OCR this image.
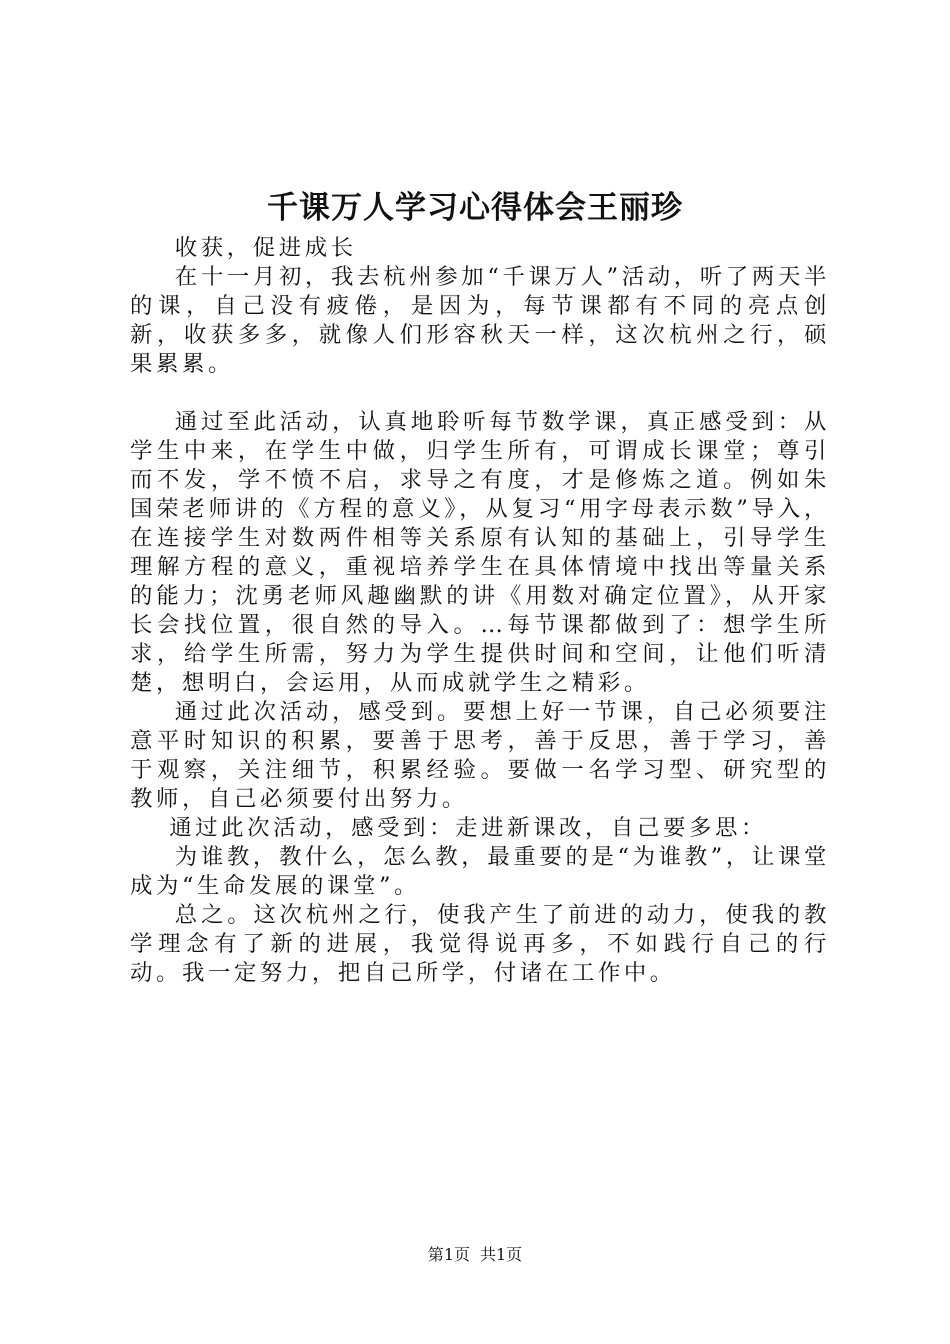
千课万人学习心得体会王丽珍

收获，促进成长

在十一月初，我去杭州参加“千课万人”活动，听了两天半的课，自己没有疲倦，是因为，每节课都有不同的亮点创新，收获多多，就像人们形容秋天一样，这次杭州之行，硕果累累。

通过至此活动，认真地聆听每节数学课，真正感受到：从学生中来，在学生中做，归学生所有，可谓成长课堂；尊引而不发，学不愤不启，求导之有度，才是修炼之道。例如朱国荣老师讲的《方程的意义》，从复习“用字母表示数”导入，在连接学生对数两件相等关系原有认知的基础上，引导学生理解方程的意义，重视培养学生在具体情境中找出等量关系的能力；沈勇老师风趣幽默的讲《用数对确定位置》，从开家长会找位置，很自然的导入。…每节课都做到了：想学生所求，给学生所需，努力为学生提供时间和空间，让他们听清楚，想明白，会运用，从而成就学生之精彩。

通过此次活动，感受到。要想上好一节课，自己必须要注意平时知识的积累，要善于思考，善于反思，善于学习，善于观察，关注细节，积累经验。要做一名学习型、研究型的教师，自己必须要付出努力。

通过此次活动，感受到：走进新课改，自己要多思：

为谁教，教什么，怎么教，最重要的是“为谁教”，让课堂成为“生命发展的课堂”。

总之。这次杭州之行，使我产生了前进的动力，使我的教学理念有了新的进展，我觉得说再多，不如践行自己的行动。我一定努力，把自己所学，付诸在工作中。

第1页 共1页
